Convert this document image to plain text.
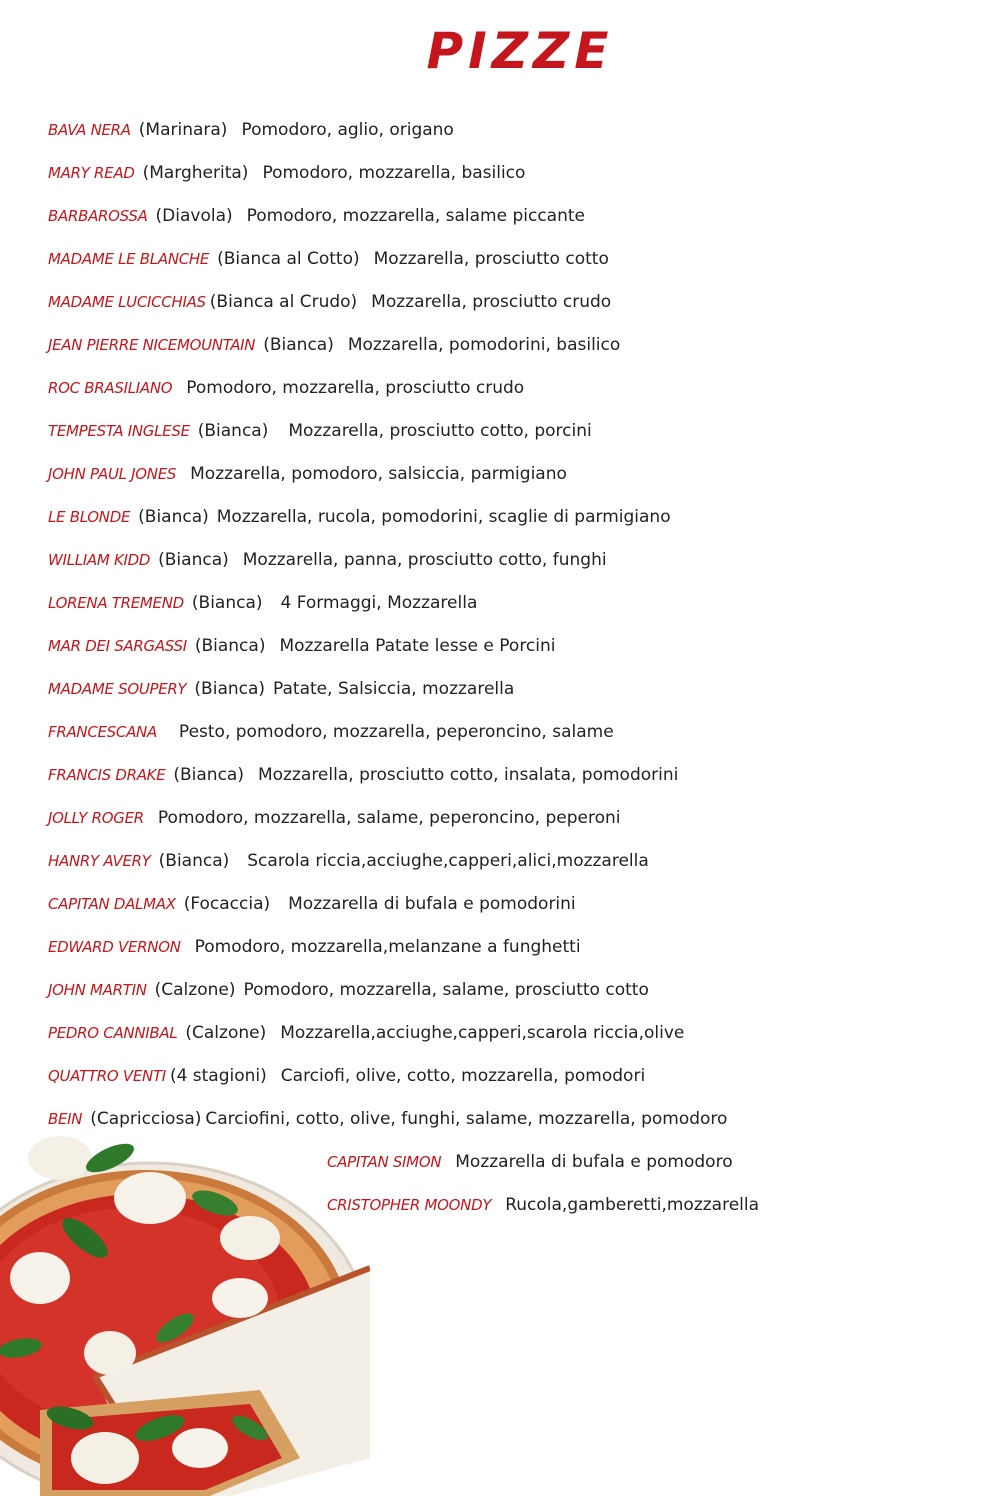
PIZZE
BAVA NERA (Marinara) Pomodoro, aglio, origano
MARY READ (Margherita) Pomodoro, mozzarella, basilico
BARBAROSSA (Diavola) Pomodoro, mozzarella, salame piccante
MADAME LE BLANCHE (Bianca al Cotto) Mozzarella, prosciutto cotto
MADAME LUCICCHIAS (Bianca al Crudo) Mozzarella, prosciutto crudo
JEAN PIERRE NICEMOUNTAIN (Bianca) Mozzarella, pomodorini, basilico
ROC BRASILIANO Pomodoro, mozzarella, prosciutto crudo
TEMPESTA INGLESE (Bianca) Mozzarella, prosciutto cotto, porcini
JOHN PAUL JONES Mozzarella, pomodoro, salsiccia, parmigiano
LE BLONDE (Bianca) Mozzarella, rucola, pomodorini, scaglie di parmigiano
WILLIAM KIDD (Bianca) Mozzarella, panna, prosciutto cotto, funghi
LORENA TREMEND (Bianca) 4 Formaggi, Mozzarella
MAR DEI SARGASSI (Bianca) Mozzarella Patate lesse e Porcini
MADAME SOUPERY (Bianca) Patate, Salsiccia, mozzarella
FRANCESCANA Pesto, pomodoro, mozzarella, peperoncino, salame
FRANCIS DRAKE (Bianca) Mozzarella, prosciutto cotto, insalata, pomodorini
JOLLY ROGER Pomodoro, mozzarella, salame, peperoncino, peperoni
HANRY AVERY (Bianca) Scarola riccia,acciughe,capperi,alici,mozzarella
CAPITAN DALMAX (Focaccia) Mozzarella di bufala e pomodorini
EDWARD VERNON Pomodoro, mozzarella,melanzane a funghetti
JOHN MARTIN (Calzone) Pomodoro, mozzarella, salame, prosciutto cotto
PEDRO CANNIBAL (Calzone) Mozzarella,acciughe,capperi,scarola riccia,olive
QUATTRO VENTI (4 stagioni) Carciofi, olive, cotto, mozzarella, pomodori
BEIN (Capricciosa) Carciofini, cotto, olive, funghi, salame, mozzarella, pomodoro
CAPITAN SIMON Mozzarella di bufala e pomodoro
CRISTOPHER MOONDY Rucola,gamberetti,mozzarella
